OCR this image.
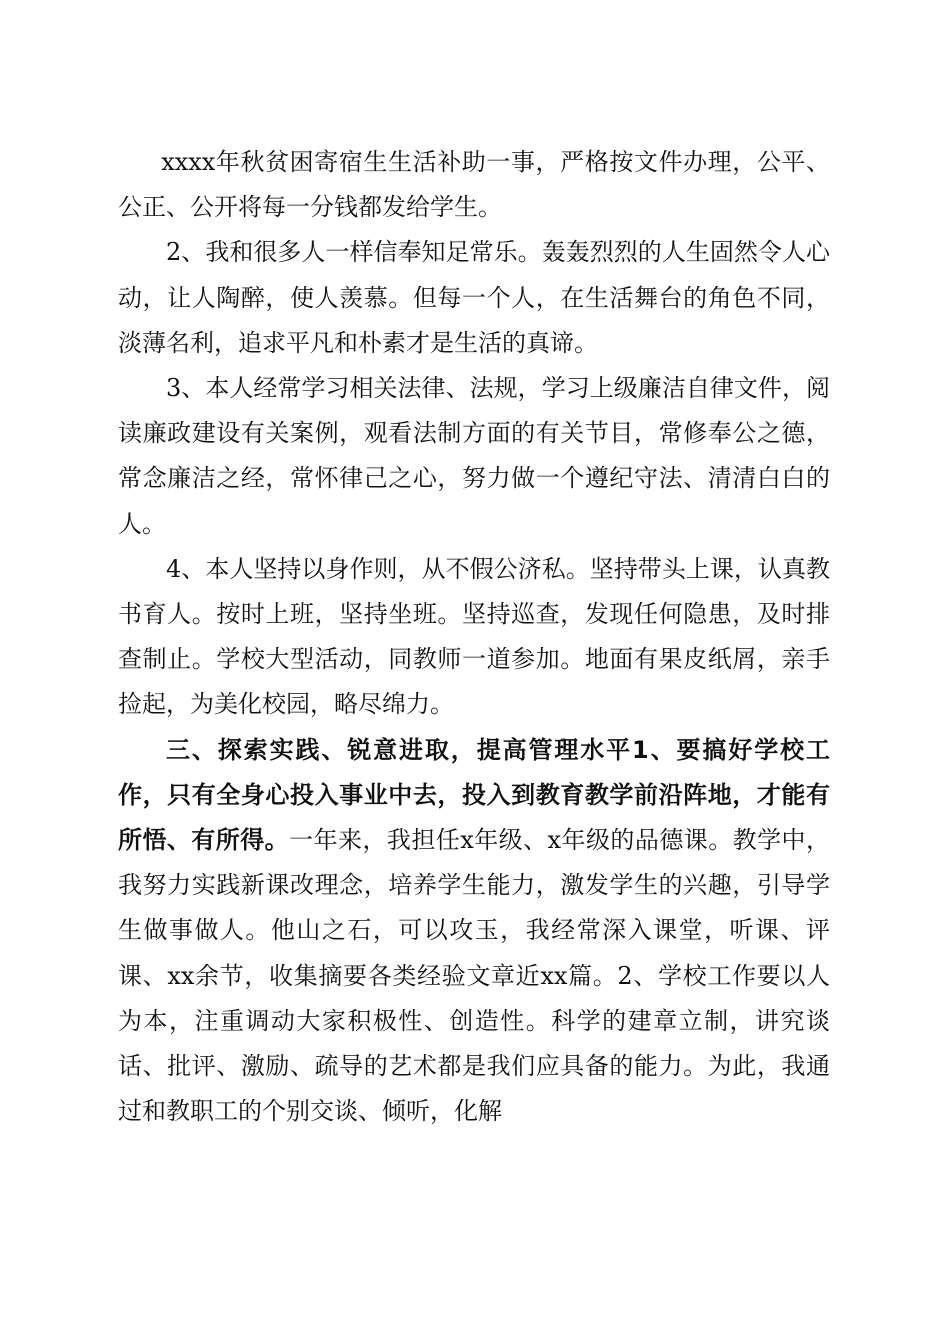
xxxx年秋贫困寄宿生生活补助一事，严格按文件办理，公平、公正、公开将每一分钱都发给学生。

2、我和很多人一样信奉知足常乐。轰轰烈烈的人生固然令人心动，让人陶醉，使人羡慕。但每一个人，在生活舞台的角色不同，淡薄名利，追求平凡和朴素才是生活的真谛。

3、本人经常学习相关法律、法规，学习上级廉洁自律文件，阅读廉政建设有关案例，观看法制方面的有关节目，常修奉公之德，常念廉洁之经，常怀律己之心，努力做一个遵纪守法、清清白白的人。

4、本人坚持以身作则，从不假公济私。坚持带头上课，认真教书育人。按时上班，坚持坐班。坚持巡查，发现任何隐患，及时排查制止。学校大型活动，同教师一道参加。地面有果皮纸屑，亲手捡起，为美化校园，略尽绵力。

三、探索实践、锐意进取，提高管理水平1、要搞好学校工作，只有全身心投入事业中去，投入到教育教学前沿阵地，才能有所悟、有所得。一年来，我担任x年级、x年级的品德课。教学中，我努力实践新课改理念，培养学生能力，激发学生的兴趣，引导学生做事做人。他山之石，可以攻玉，我经常深入课堂，听课、评课、xx余节，收集摘要各类经验文章近xx篇。2、学校工作要以人为本，注重调动大家积极性、创造性。科学的建章立制，讲究谈话、批评、激励、疏导的艺术都是我们应具备的能力。为此，我通过和教职工的个别交谈、倾听，化解
